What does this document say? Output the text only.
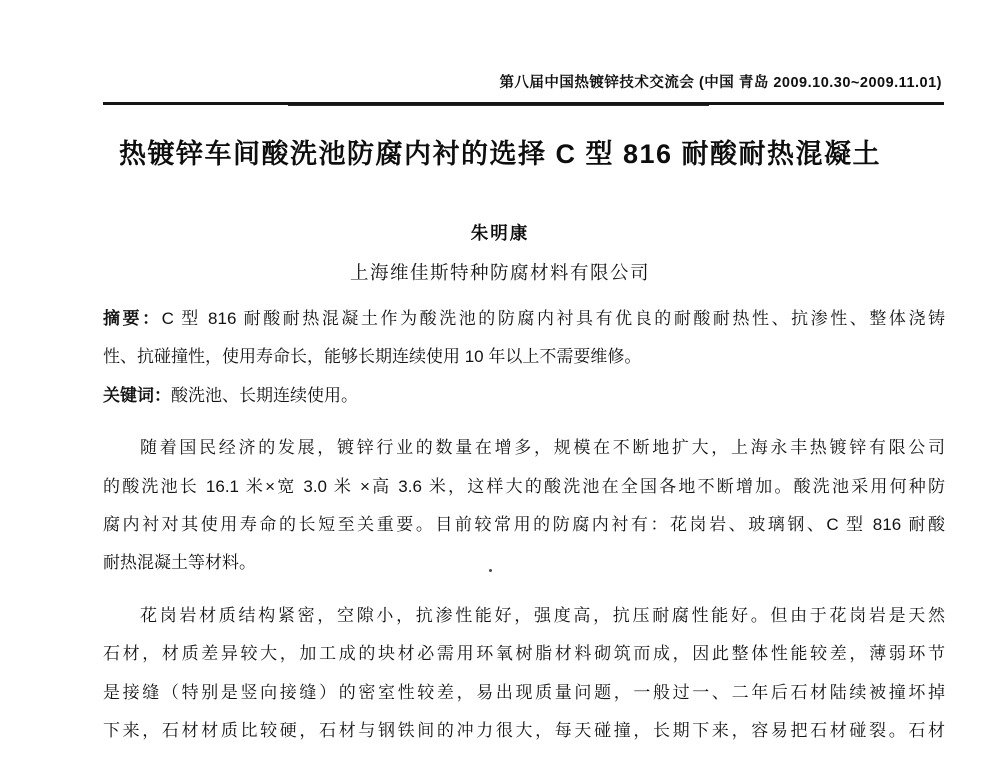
第八届中国热镀锌技术交流会 (中国 青岛 2009.10.30~2009.11.01)
热镀锌车间酸洗池防腐内衬的选择 C 型 816 耐酸耐热混凝土
朱明康
上海维佳斯特种防腐材料有限公司
摘要：C 型 816 耐酸耐热混凝土作为酸洗池的防腐内衬具有优良的耐酸耐热性、抗渗性、整体浇铸
性、抗碰撞性，使用寿命长，能够长期连续使用 10 年以上不需要维修。
关键词：酸洗池、长期连续使用。
随着国民经济的发展，镀锌行业的数量在增多，规模在不断地扩大，上海永丰热镀锌有限公司
的酸洗池长 16.1 米×宽 3.0 米 ×高 3.6 米，这样大的酸洗池在全国各地不断增加。酸洗池采用何种防
腐内衬对其使用寿命的长短至关重要。目前较常用的防腐内衬有：花岗岩、玻璃钢、C 型 816 耐酸
耐热混凝土等材料。
花岗岩材质结构紧密，空隙小，抗渗性能好，强度高，抗压耐腐性能好。但由于花岗岩是天然
石材，材质差异较大，加工成的块材必需用环氧树脂材料砌筑而成，因此整体性能较差，薄弱环节
是接缝（特别是竖向接缝）的密室性较差，易出现质量问题，一般过一、二年后石材陆续被撞坏掉
下来，石材材质比较硬，石材与钢铁间的冲力很大，每天碰撞，长期下来，容易把石材碰裂。石材
